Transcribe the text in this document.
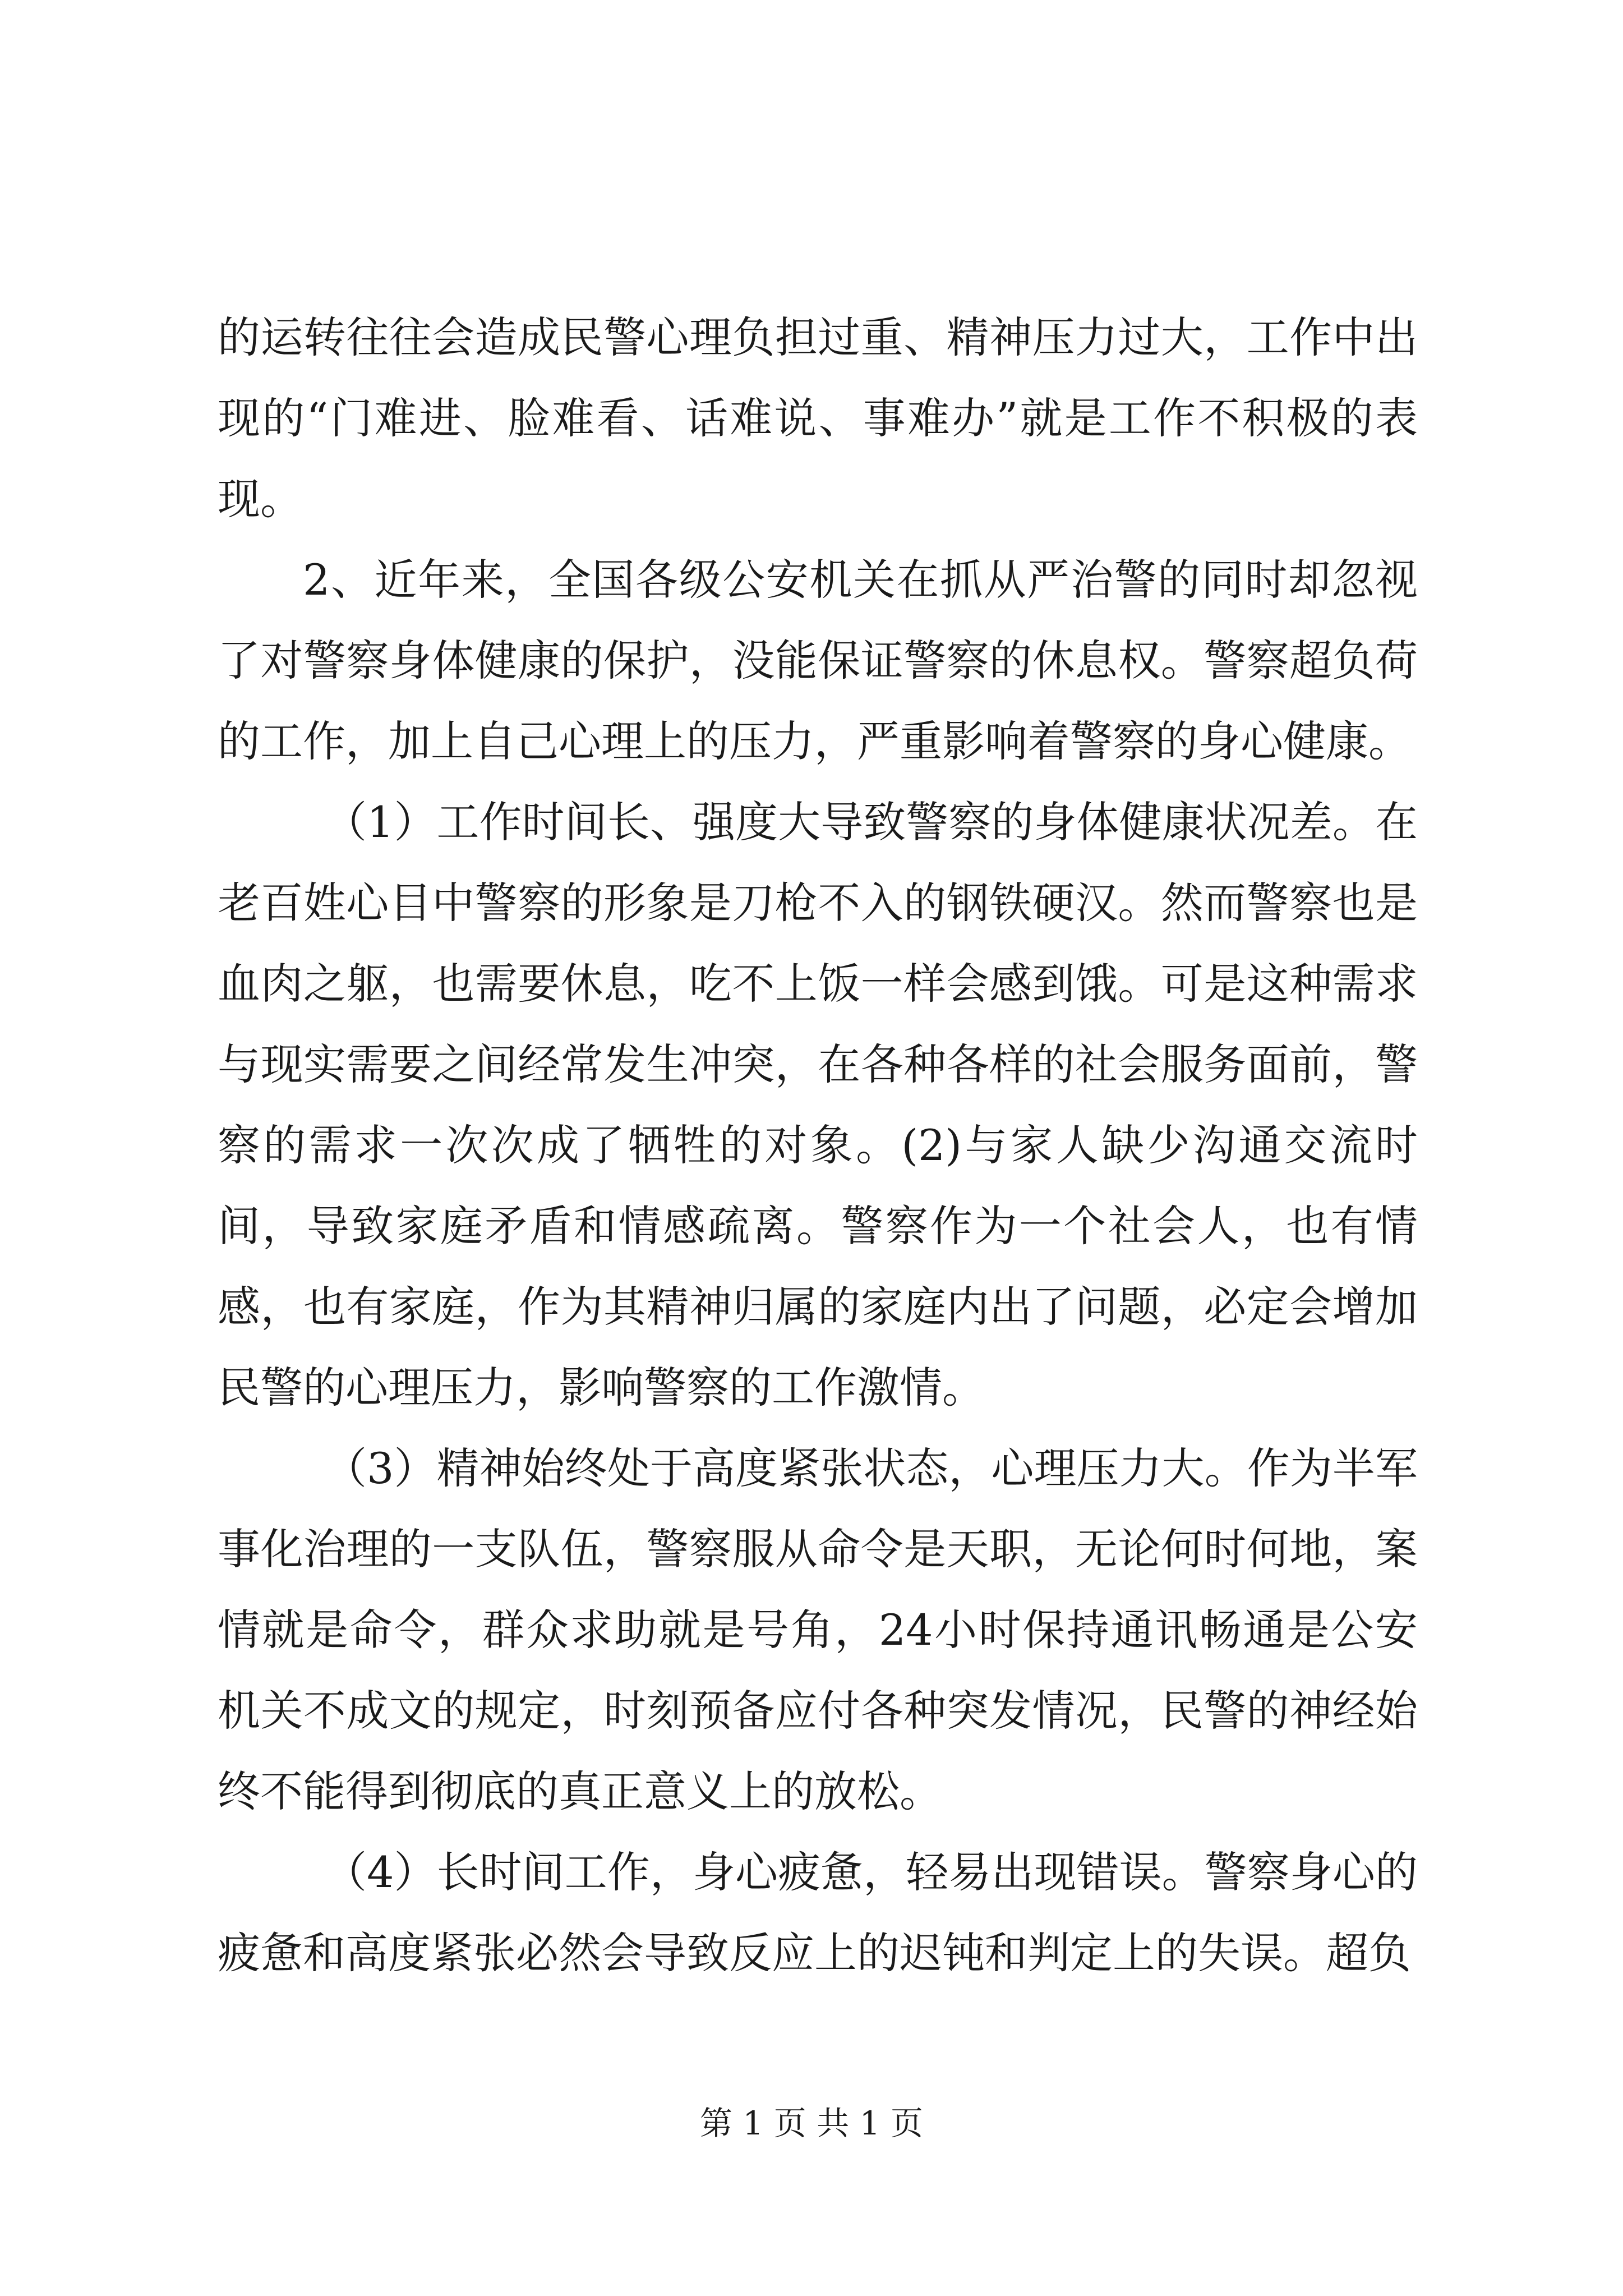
的运转往往会造成民警心理负担过重、精神压力过大，工作中出现的“门难进、脸难看、话难说、事难办”就是工作不积极的表现。

2、近年来，全国各级公安机关在抓从严治警的同时却忽视了对警察身体健康的保护，没能保证警察的休息权。警察超负荷的工作，加上自己心理上的压力，严重影响着警察的身心健康。

（1）工作时间长、强度大导致警察的身体健康状况差。在老百姓心目中警察的形象是刀枪不入的钢铁硬汉。然而警察也是血肉之躯，也需要休息，吃不上饭一样会感到饿。可是这种需求与现实需要之间经常发生冲突，在各种各样的社会服务面前，警察的需求一次次成了牺牲的对象。(2)与家人缺少沟通交流时间，导致家庭矛盾和情感疏离。警察作为一个社会人，也有情感，也有家庭，作为其精神归属的家庭内出了问题，必定会增加民警的心理压力，影响警察的工作激情。

（3）精神始终处于高度紧张状态，心理压力大。作为半军事化治理的一支队伍，警察服从命令是天职，无论何时何地，案情就是命令，群众求助就是号角，24小时保持通讯畅通是公安机关不成文的规定，时刻预备应付各种突发情况，民警的神经始终不能得到彻底的真正意义上的放松。

（4）长时间工作，身心疲惫，轻易出现错误。警察身心的疲惫和高度紧张必然会导致反应上的迟钝和判定上的失误。超负

第 1 页 共 1 页
